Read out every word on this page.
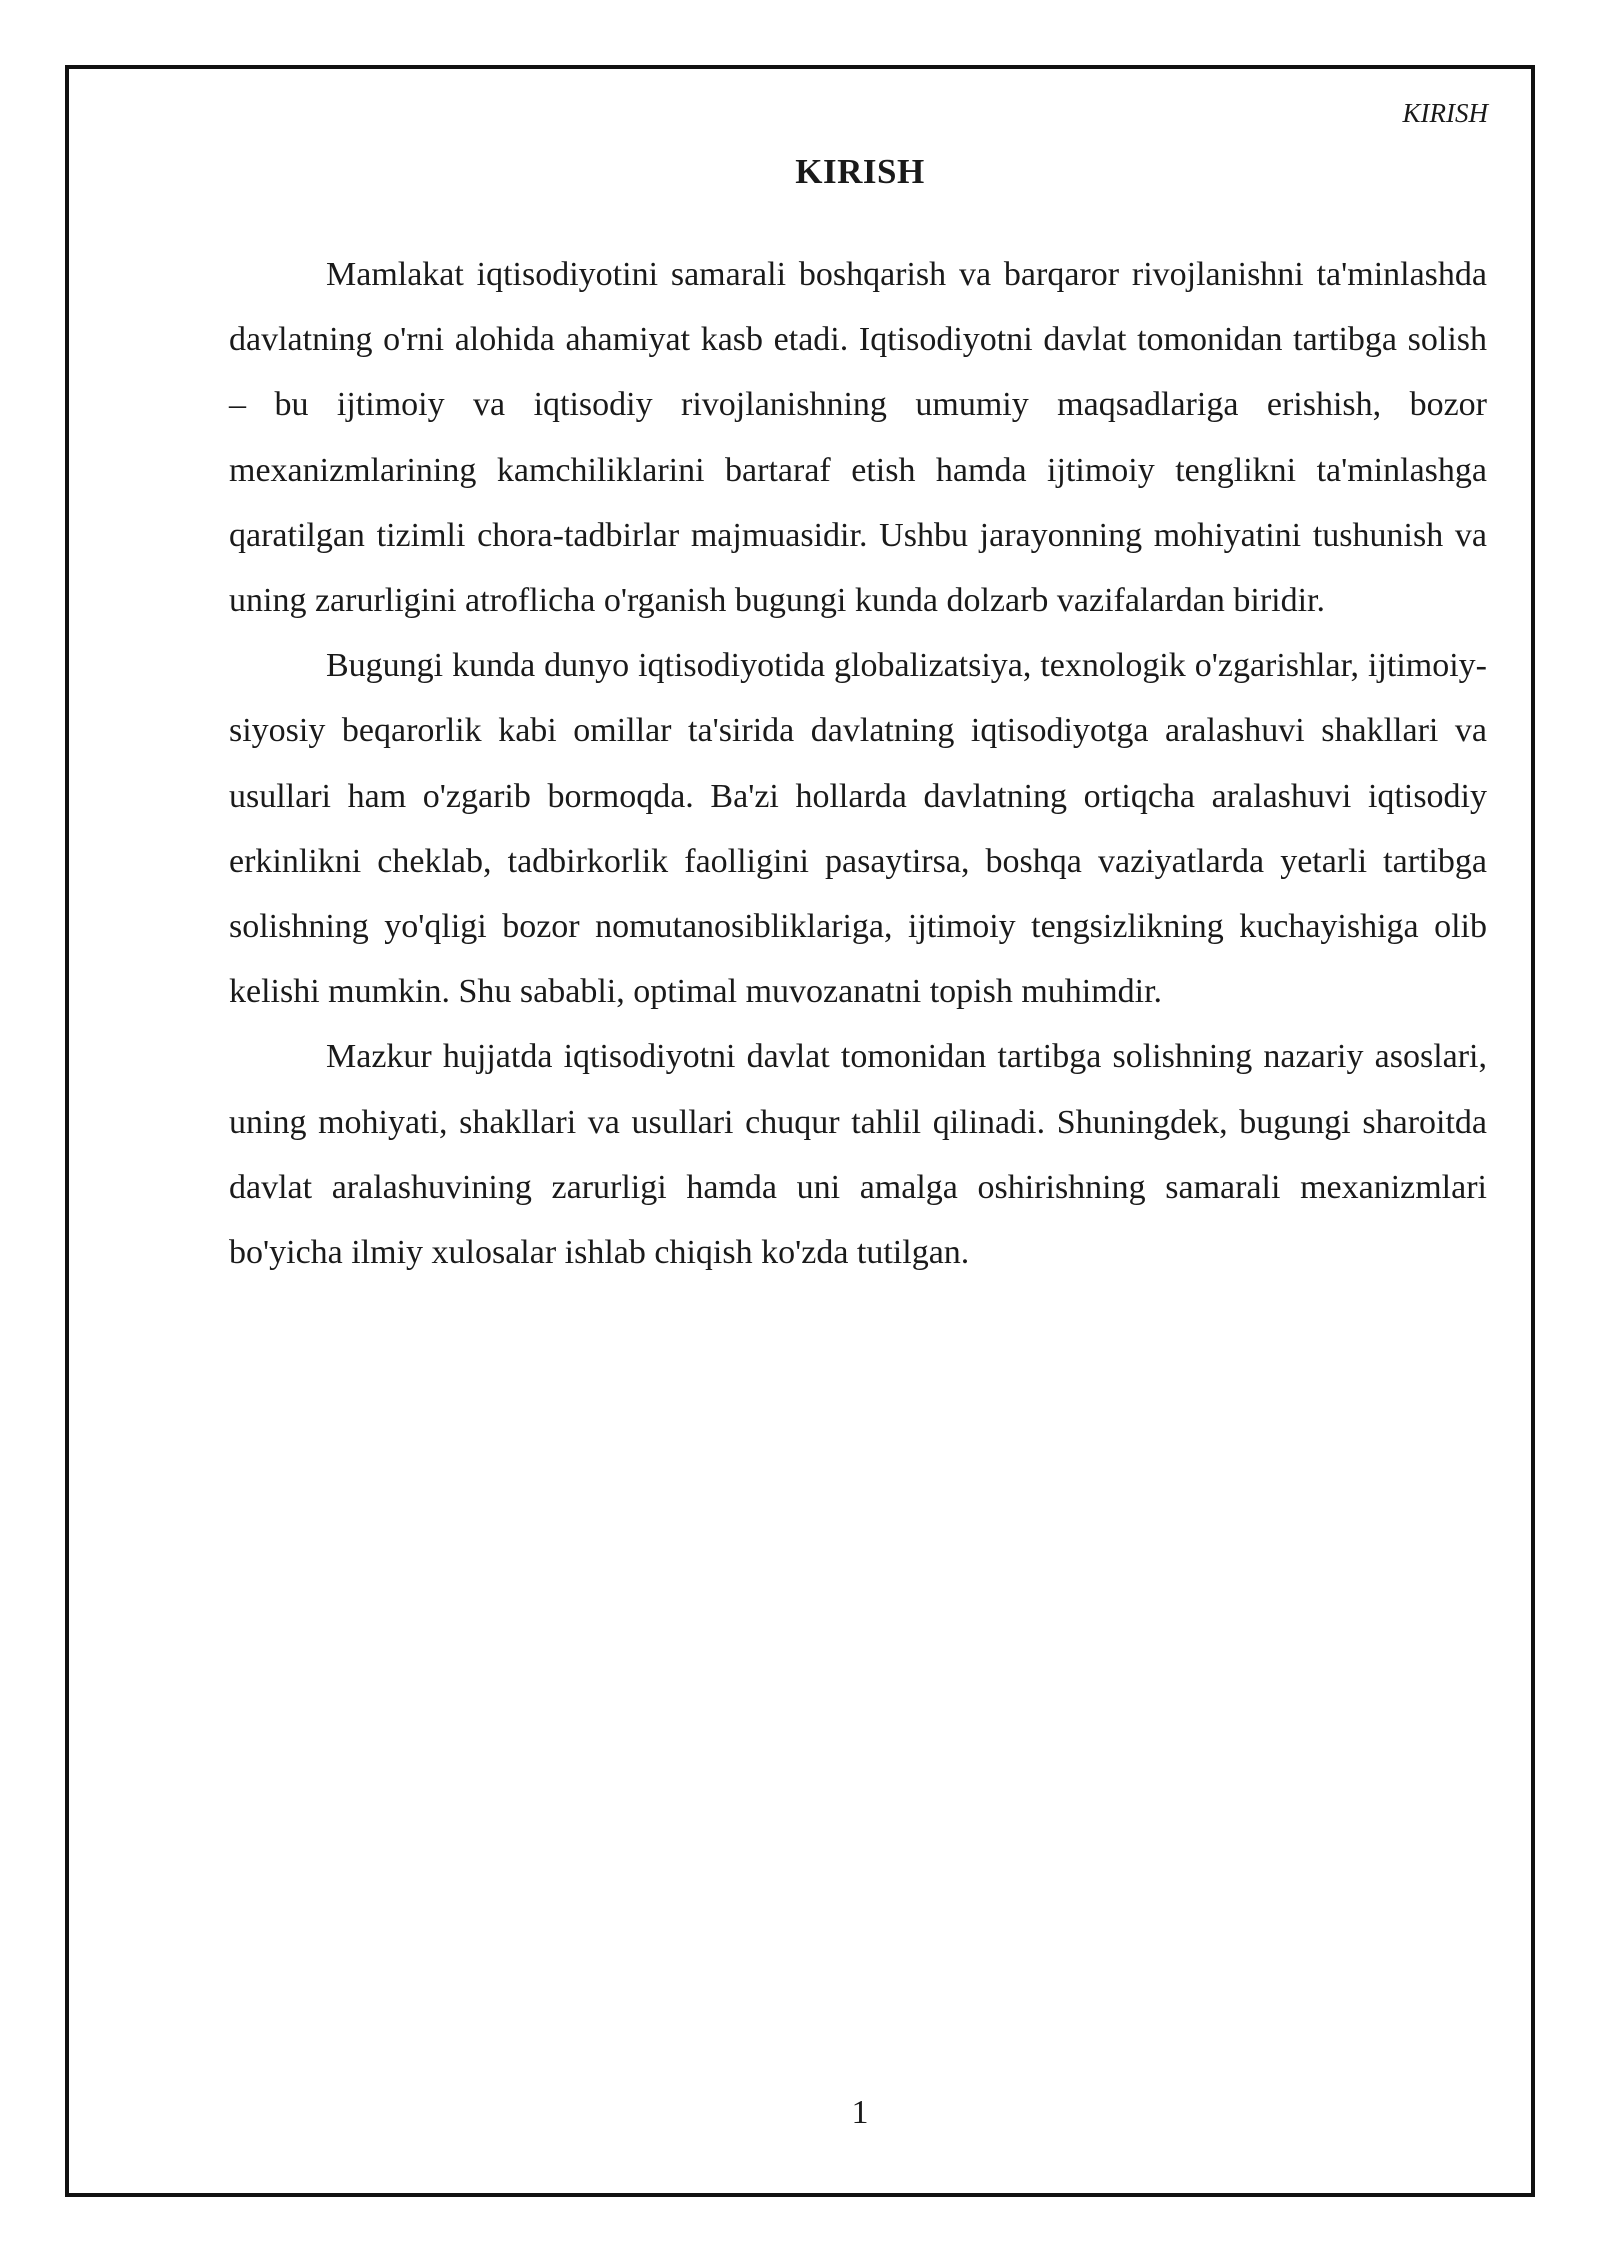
KIRISH
KIRISH

Mamlakat iqtisodiyotini samarali boshqarish va barqaror rivojlanishni ta'minlashda davlatning o'rni alohida ahamiyat kasb etadi. Iqtisodiyotni davlat tomonidan tartibga solish – bu ijtimoiy va iqtisodiy rivojlanishning umumiy maqsadlariga erishish, bozor mexanizmlarining kamchiliklarini bartaraf etish hamda ijtimoiy tenglikni ta'minlashga qaratilgan tizimli chora-tadbirlar majmuasidir. Ushbu jarayonning mohiyatini tushunish va uning zarurligini atroflicha o'rganish bugungi kunda dolzarb vazifalardan biridir.

Bugungi kunda dunyo iqtisodiyotida globalizatsiya, texnologik o'zgarishlar, ijtimoiy-siyosiy beqarorlik kabi omillar ta'sirida davlatning iqtisodiyotga aralashuvi shakllari va usullari ham o'zgarib bormoqda. Ba'zi hollarda davlatning ortiqcha aralashuvi iqtisodiy erkinlikni cheklab, tadbirkorlik faolligini pasaytirsa, boshqa vaziyatlarda yetarli tartibga solishning yo'qligi bozor nomutanosibliklariga, ijtimoiy tengsizlikning kuchayishiga olib kelishi mumkin. Shu sababli, optimal muvozanatni topish muhimdir.

Mazkur hujjatda iqtisodiyotni davlat tomonidan tartibga solishning nazariy asoslari, uning mohiyati, shakllari va usullari chuqur tahlil qilinadi. Shuningdek, bugungi sharoitda davlat aralashuvining zarurligi hamda uni amalga oshirishning samarali mexanizmlari bo'yicha ilmiy xulosalar ishlab chiqish ko'zda tutilgan.

1
